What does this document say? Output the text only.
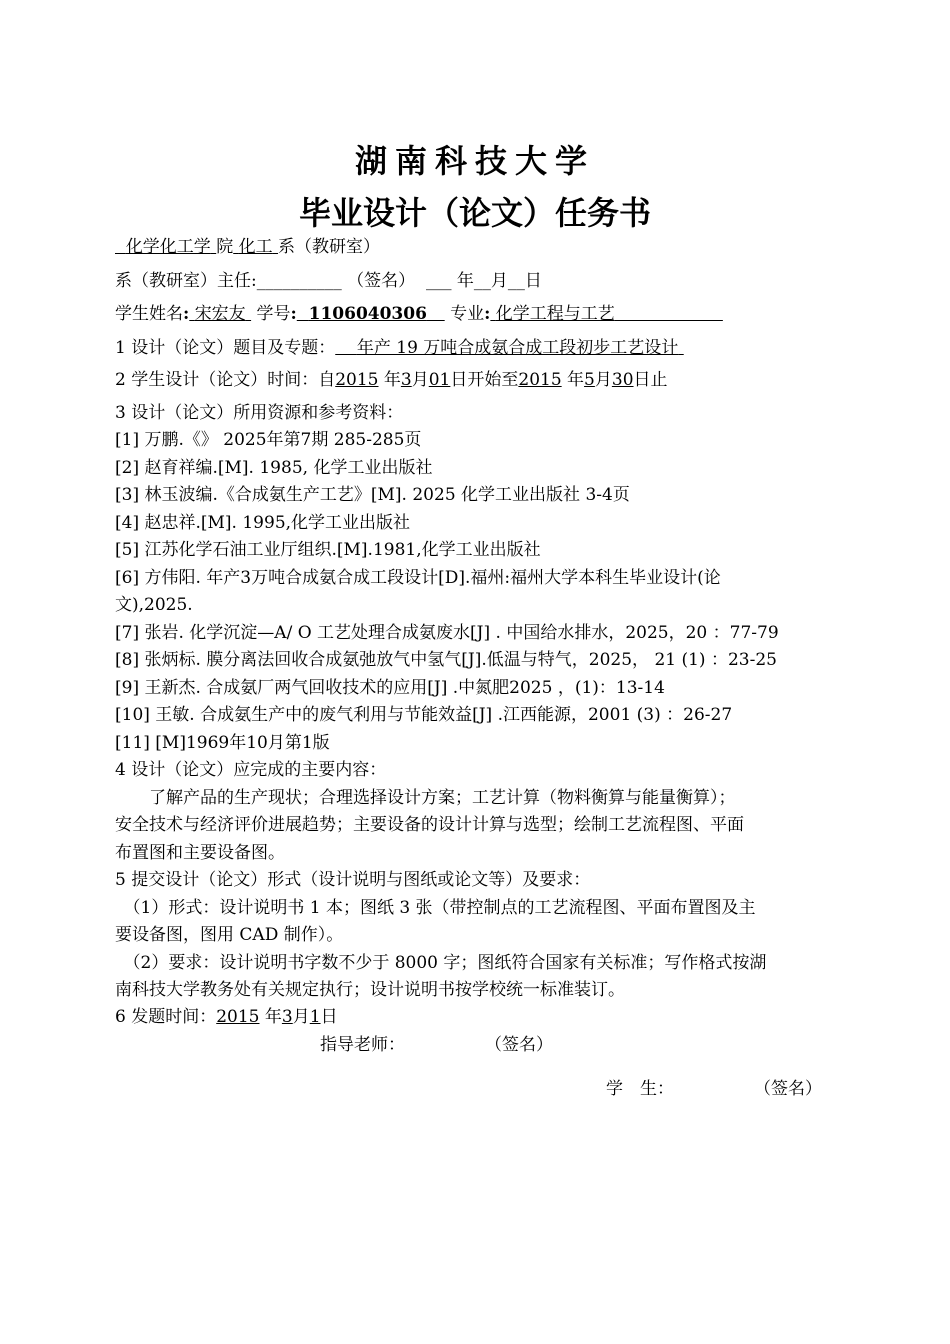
湖南科技大学
毕业设计（论文）任务书
化学化工学 院 化工 系（教研室）
系（教研室）主任:__________ （签名） ___ 年__月__日
学生姓名: 宋宏友 学号: 1106040306 专业: 化学工程与工艺
1 设计（论文）题目及专题： 年产 19 万吨合成氨合成工段初步工艺设计
2 学生设计（论文）时间：自2015 年3月01日开始至2015 年5月30日止
3 设计（论文）所用资源和参考资料：
[1] 万鹏.《》 2025年第7期 285-285页
[2] 赵育祥编.[M]. 1985, 化学工业出版社
[3] 林玉波编.《合成氨生产工艺》[M]. 2025 化学工业出版社 3-4页
[4] 赵忠祥.[M]. 1995,化学工业出版社
[5] 江苏化学石油工业厅组织.[M].1981,化学工业出版社
[6] 方伟阳. 年产3万吨合成氨合成工段设计[D].福州:福州大学本科生毕业设计(论
文),2025.
[7] 张岩. 化学沉淀—A/ O 工艺处理合成氨废水[J] . 中国给水排水，2025，20 ：77-79
[8] 张炳标. 膜分离法回收合成氨弛放气中氢气[J].低温与特气，2025， 21 (1) ：23-25
[9] 王新杰. 合成氨厂两气回收技术的应用[J] .中氮肥2025 ，(1)：13-14
[10] 王敏. 合成氨生产中的废气利用与节能效益[J] .江西能源，2001 (3) ：26-27
[11] [M]1969年10月第1版
4 设计（论文）应完成的主要内容：
　　了解产品的生产现状；合理选择设计方案；工艺计算（物料衡算与能量衡算）；
安全技术与经济评价进展趋势；主要设备的设计计算与选型；绘制工艺流程图、平面
布置图和主要设备图。
5 提交设计（论文）形式（设计说明与图纸或论文等）及要求：
　（1）形式：设计说明书 1 本；图纸 3 张（带控制点的工艺流程图、平面布置图及主
要设备图，图用 CAD 制作）。
　（2）要求：设计说明书字数不少于 8000 字；图纸符合国家有关标准；写作格式按湖
南科技大学教务处有关规定执行；设计说明书按学校统一标准装订。
6 发题时间：2015 年3月1日
指导老师：	（签名）
学　生：	（签名）
